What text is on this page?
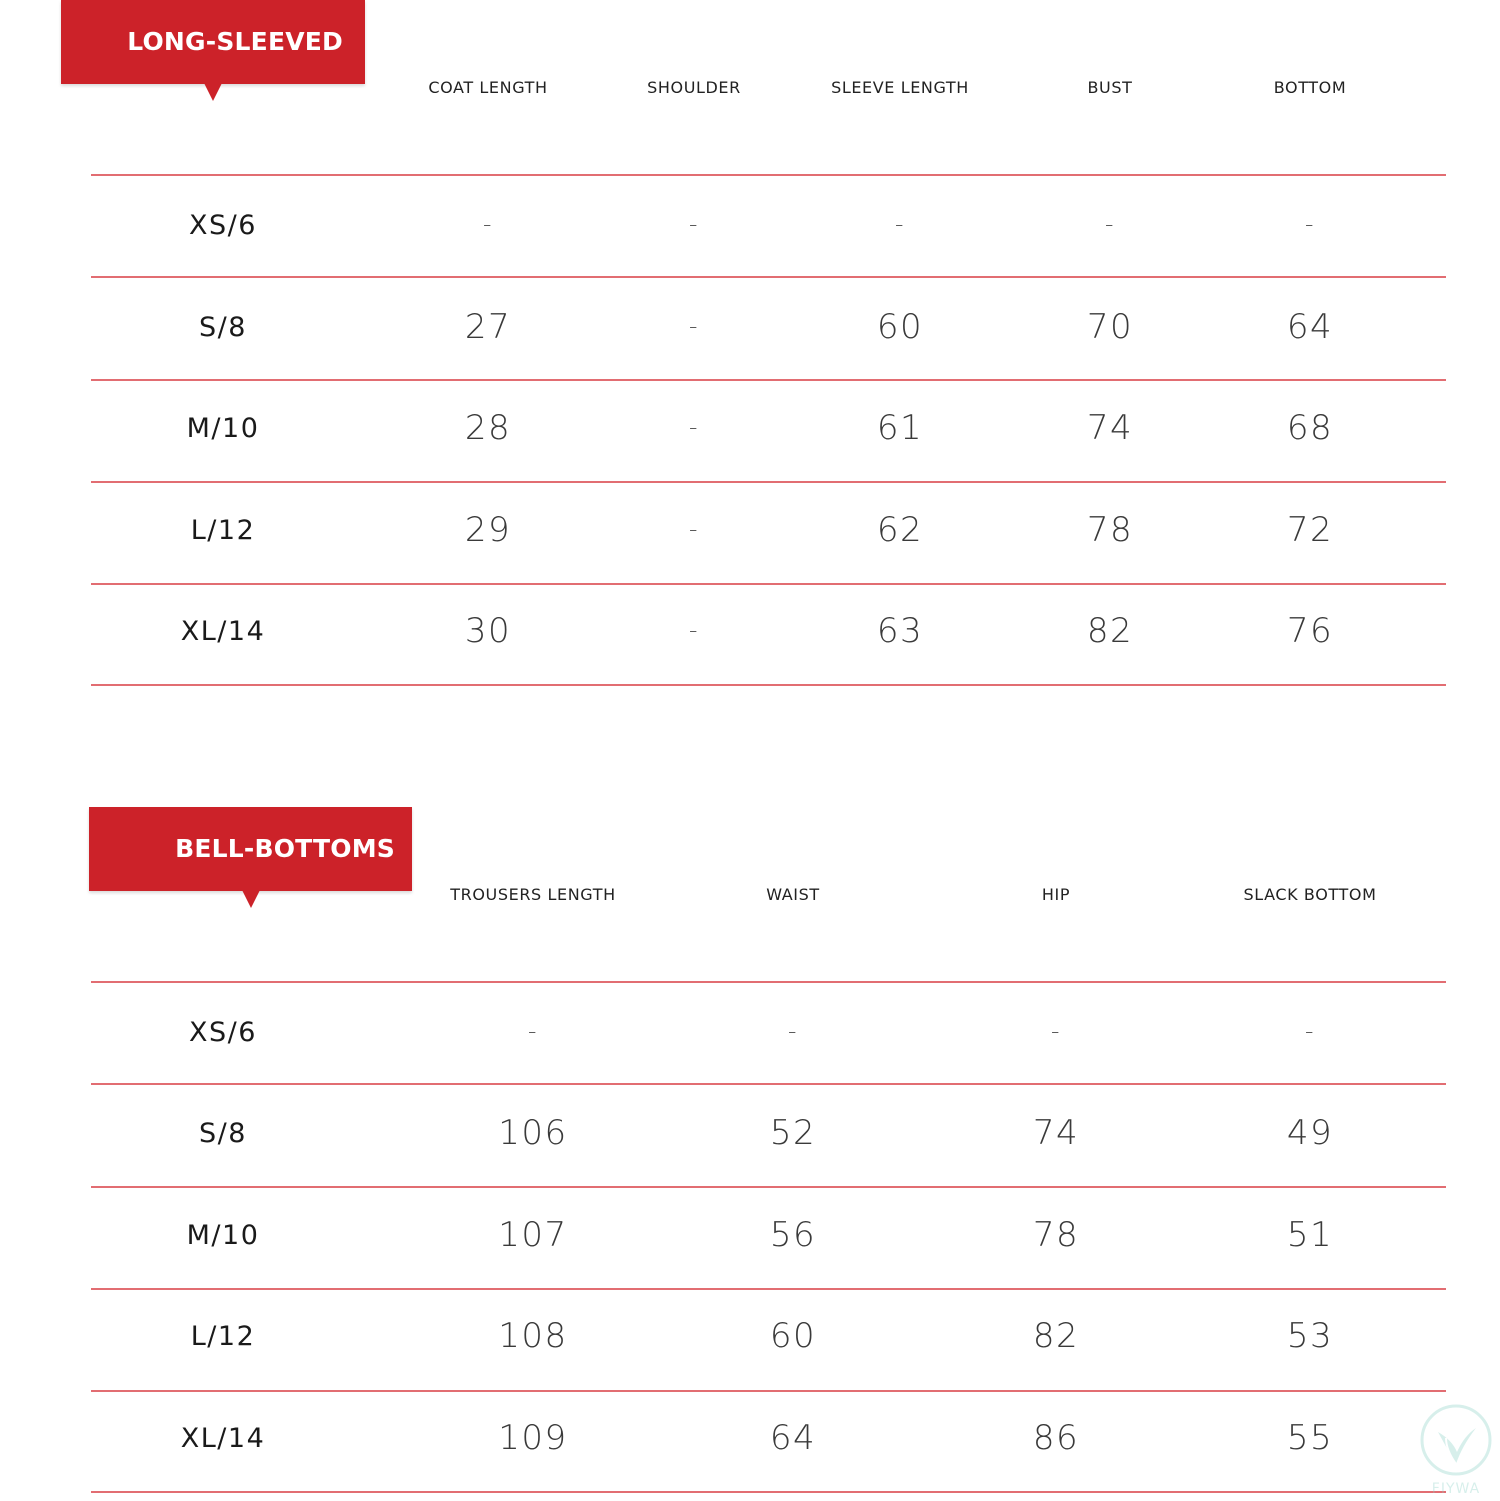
LONG-SLEEVED
COAT LENGTH	SHOULDER	SLEEVE LENGTH	BUST	BOTTOM
XS/6	-	-	-	-	-
S/8	27	-	60	70	64
M/10	28	-	61	74	68
L/12	29	-	62	78	72
XL/14	30	-	63	82	76
BELL-BOTTOMS
TROUSERS LENGTH	WAIST	HIP	SLACK BOTTOM
XS/6	-	-	-	-
S/8	106	52	74	49
M/10	107	56	78	51
L/12	108	60	82	53
XL/14	109	64	86	55
FIYWA
